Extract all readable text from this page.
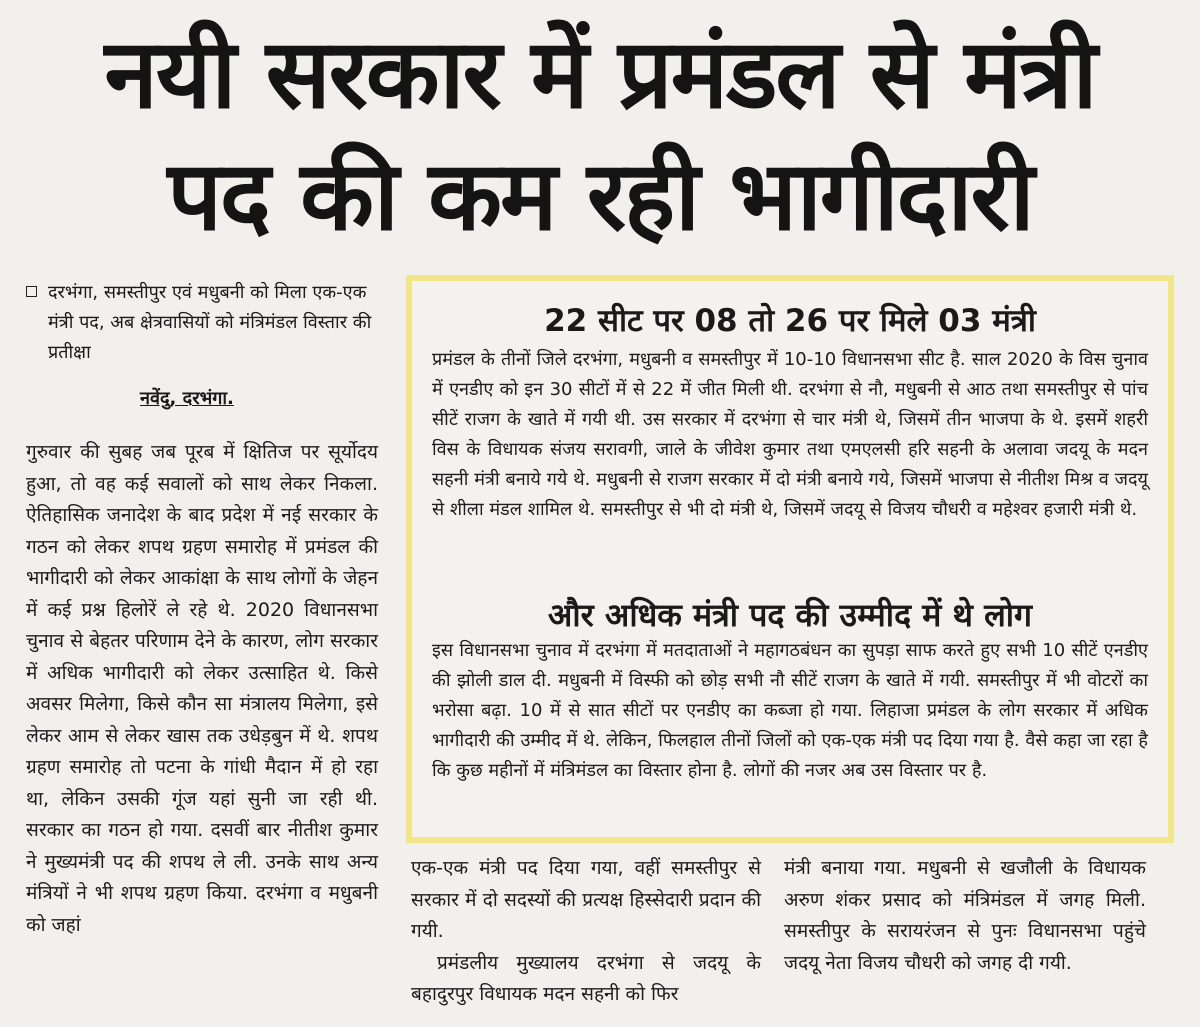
नयी सरकार में प्रमंडल से मंत्री
पद की कम रही भागीदारी
दरभंगा, समस्तीपुर एवं मधुबनी को मिला एक-एक मंत्री पद, अब क्षेत्रवासियों को मंत्रिमंडल विस्तार की प्रतीक्षा
नवेंदु, दरभंगा.

गुरुवार की सुबह जब पूरब में क्षितिज पर सूर्योदय हुआ, तो वह कई सवालों को साथ लेकर निकला. ऐतिहासिक जनादेश के बाद प्रदेश में नई सरकार के गठन को लेकर शपथ ग्रहण समारोह में प्रमंडल की भागीदारी को लेकर आकांक्षा के साथ लोगों के जेहन में कई प्रश्न हिलोरें ले रहे थे. 2020 विधानसभा चुनाव से बेहतर परिणाम देने के कारण, लोग सरकार में अधिक भागीदारी को लेकर उत्साहित थे. किसे अवसर मिलेगा, किसे कौन सा मंत्रालय मिलेगा, इसे लेकर आम से लेकर खास तक उधेड़बुन में थे. शपथ ग्रहण समारोह तो पटना के गांधी मैदान में हो रहा था, लेकिन उसकी गूंज यहां सुनी जा रही थी. सरकार का गठन हो गया. दसवीं बार नीतीश कुमार ने मुख्यमंत्री पद की शपथ ले ली. उनके साथ अन्य मंत्रियों ने भी शपथ ग्रहण किया. दरभंगा व मधुबनी को जहां

22 सीट पर 08 तो 26 पर मिले 03 मंत्री
प्रमंडल के तीनों जिले दरभंगा, मधुबनी व समस्तीपुर में 10-10 विधानसभा सीट है. साल 2020 के विस चुनाव में एनडीए को इन 30 सीटों में से 22 में जीत मिली थी. दरभंगा से नौ, मधुबनी से आठ तथा समस्तीपुर से पांच सीटें राजग के खाते में गयी थी. उस सरकार में दरभंगा से चार मंत्री थे, जिसमें तीन भाजपा के थे. इसमें शहरी विस के विधायक संजय सरावगी, जाले के जीवेश कुमार तथा एमएलसी हरि सहनी के अलावा जदयू के मदन सहनी मंत्री बनाये गये थे. मधुबनी से राजग सरकार में दो मंत्री बनाये गये, जिसमें भाजपा से नीतीश मिश्र व जदयू से शीला मंडल शामिल थे. समस्तीपुर से भी दो मंत्री थे, जिसमें जदयू से विजय चौधरी व महेश्वर हजारी मंत्री थे.
और अधिक मंत्री पद की उम्मीद में थे लोग
इस विधानसभा चुनाव में दरभंगा में मतदाताओं ने महागठबंधन का सुपड़ा साफ करते हुए सभी 10 सीटें एनडीए की झोली डाल दी. मधुबनी में विस्फी को छोड़ सभी नौ सीटें राजग के खाते में गयी. समस्तीपुर में भी वोटरों का भरोसा बढ़ा. 10 में से सात सीटों पर एनडीए का कब्जा हो गया. लिहाजा प्रमंडल के लोग सरकार में अधिक भागीदारी की उम्मीद में थे. लेकिन, फिलहाल तीनों जिलों को एक-एक मंत्री पद दिया गया है. वैसे कहा जा रहा है कि कुछ महीनों में मंत्रिमंडल का विस्तार होना है. लोगों की नजर अब उस विस्तार पर है.

एक-एक मंत्री पद दिया गया, वहीं समस्तीपुर से सरकार में दो सदस्यों की प्रत्यक्ष हिस्सेदारी प्रदान की गयी.

प्रमंडलीय मुख्यालय दरभंगा से जदयू के बहादुरपुर विधायक मदन सहनी को फिर

मंत्री बनाया गया. मधुबनी से खजौली के विधायक अरुण शंकर प्रसाद को मंत्रिमंडल में जगह मिली. समस्तीपुर के सरायरंजन से पुनः विधानसभा पहुंचे जदयू नेता विजय चौधरी को जगह दी गयी.
